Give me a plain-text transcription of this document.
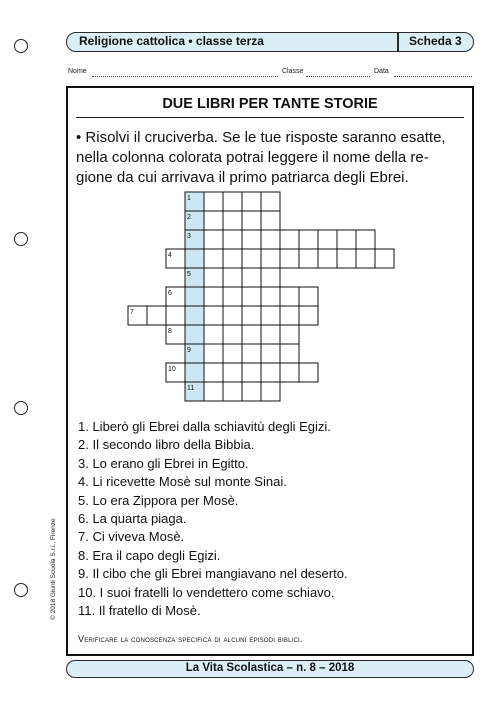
Religione cattolica • classe terza	Scheda 3
Nome	Classe	Data
DUE LIBRI PER TANTE STORIE
• Risolvi il cruciverba. Se le tue risposte saranno esatte,
nella colonna colorata potrai leggere il nome della re-
gione da cui arrivava il primo patriarca degli Ebrei.
1
2
3
4
5
6
7
8
9
10
11
1. Liberò gli Ebrei dalla schiavitù degli Egizi.
2. Il secondo libro della Bibbia.
3. Lo erano gli Ebrei in Egitto.
4. Li ricevette Mosè sul monte Sinai.
5. Lo era Zippora per Mosè.
6. La quarta piaga.
7. Ci viveva Mosè.
8. Era il capo degli Egizi.
9. Il cibo che gli Ebrei mangiavano nel deserto.
10. I suoi fratelli lo vendettero come schiavo.
11. Il fratello di Mosè.
Verificare la conoscenza specifica di alcuni episodi biblici.
© 2018 Giunti Scuola S.r.l., Firenze
La Vita Scolastica – n. 8 – 2018
